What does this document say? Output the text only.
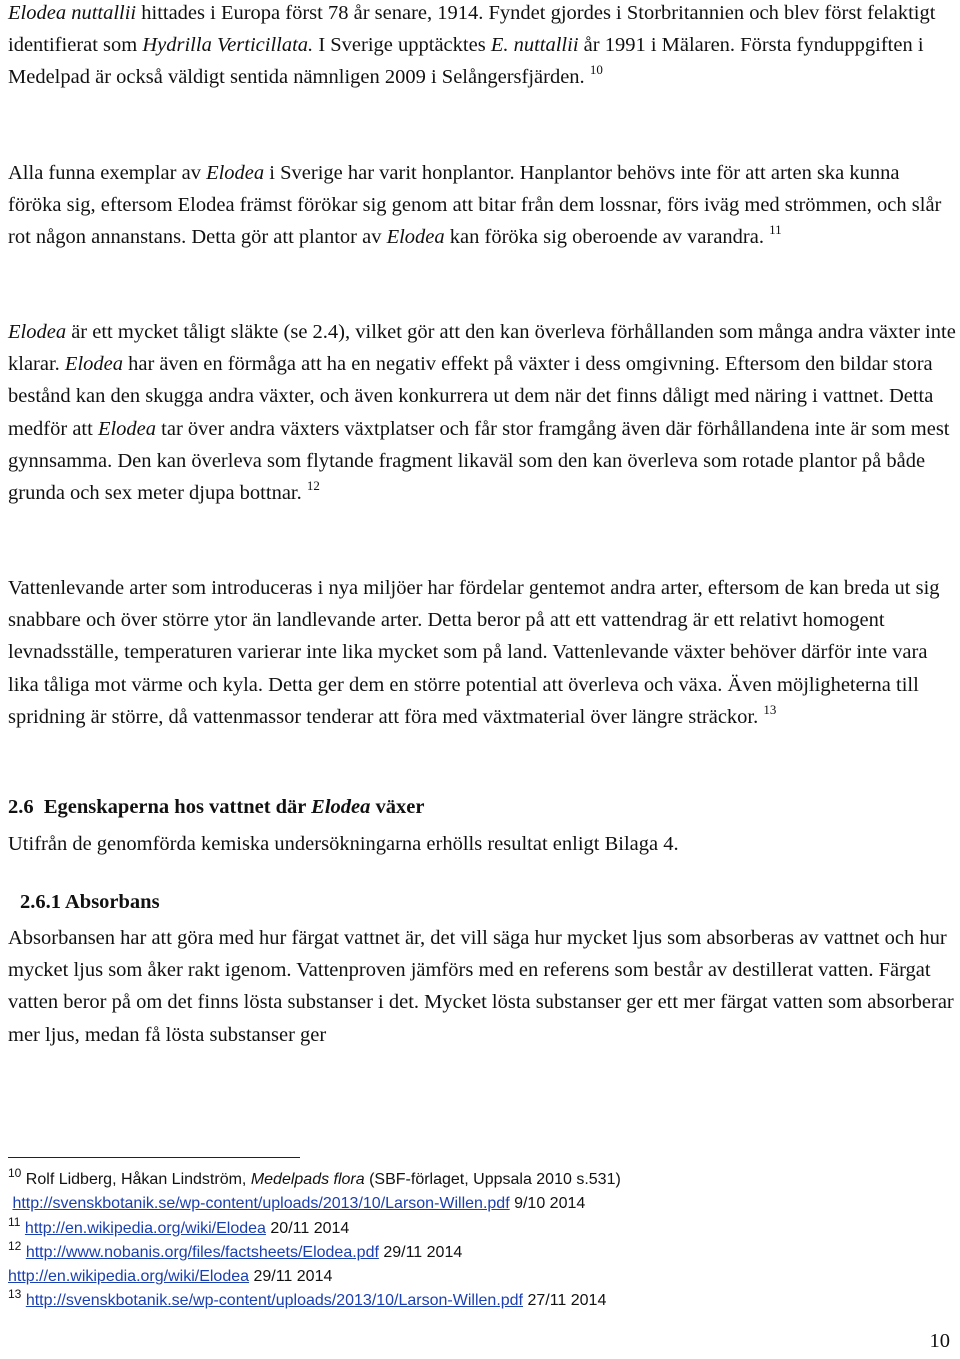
Elodea nuttallii hittades i Europa först 78 år senare, 1914. Fyndet gjordes i Storbritannien och blev först felaktigt identifierat som Hydrilla Verticillata. I Sverige upptäcktes E. nuttallii år 1991 i Mälaren. Första fynduppgiften i Medelpad är också väldigt sentida nämnligen 2009 i Selångersfjärden. $^{10}$

Alla funna exemplar av Elodea i Sverige har varit honplantor. Hanplantor behövs inte för att arten ska kunna föröka sig, eftersom Elodea främst förökar sig genom att bitar från dem lossnar, förs iväg med strömmen, och slår rot någon annanstans. Detta gör att plantor av Elodea kan föröka sig oberoende av varandra. $^{11}$

Elodea är ett mycket tåligt släkte (se 2.4), vilket gör att den kan överleva förhållanden som många andra växter inte klarar. Elodea har även en förmåga att ha en negativ effekt på växter i dess omgivning. Eftersom den bildar stora bestånd kan den skugga andra växter, och även konkurrera ut dem när det finns dåligt med näring i vattnet. Detta medför att Elodea tar över andra växters växtplatser och får stor framgång även där förhållandena inte är som mest gynnsamma. Den kan överleva som flytande fragment likaväl som den kan överleva som rotade plantor på både grunda och sex meter djupa bottnar. $^{12}$

Vattenlevande arter som introduceras i nya miljöer har fördelar gentemot andra arter, eftersom de kan breda ut sig snabbare och över större ytor än landlevande arter. Detta beror på att ett vattendrag är ett relativt homogent levnadsställe, temperaturen varierar inte lika mycket som på land. Vattenlevande växter behöver därför inte vara lika tåliga mot värme och kyla. Detta ger dem en större potential att överleva och växa. Även möjligheterna till spridning är större, då vattenmassor tenderar att föra med växtmaterial över längre sträckor. $^{13}$

2.6 Egenskaperna hos vattnet där Elodea växer

Utifrån de genomförda kemiska undersökningarna erhölls resultat enligt Bilaga 4.

2.6.1 Absorbans

Absorbansen har att göra med hur färgat vattnet är, det vill säga hur mycket ljus som absorberas av vattnet och hur mycket ljus som åker rakt igenom. Vattenproven jämförs med en referens som består av destillerat vatten. Färgat vatten beror på om det finns lösta substanser i det. Mycket lösta substanser ger ett mer färgat vatten som absorberar mer ljus, medan få lösta substanser ger

$^{10}$ Rolf Lidberg, Håkan Lindström, Medelpads flora (SBF-förlaget, Uppsala 2010 s.531)
http://svenskbotanik.se/wp-content/uploads/2013/10/Larson-Willen.pdf 9/10 2014
$^{11}$ http://en.wikipedia.org/wiki/Elodea 20/11 2014
$^{12}$ http://www.nobanis.org/files/factsheets/Elodea.pdf 29/11 2014
http://en.wikipedia.org/wiki/Elodea 29/11 2014
$^{13}$ http://svenskbotanik.se/wp-content/uploads/2013/10/Larson-Willen.pdf 27/11 2014
10
